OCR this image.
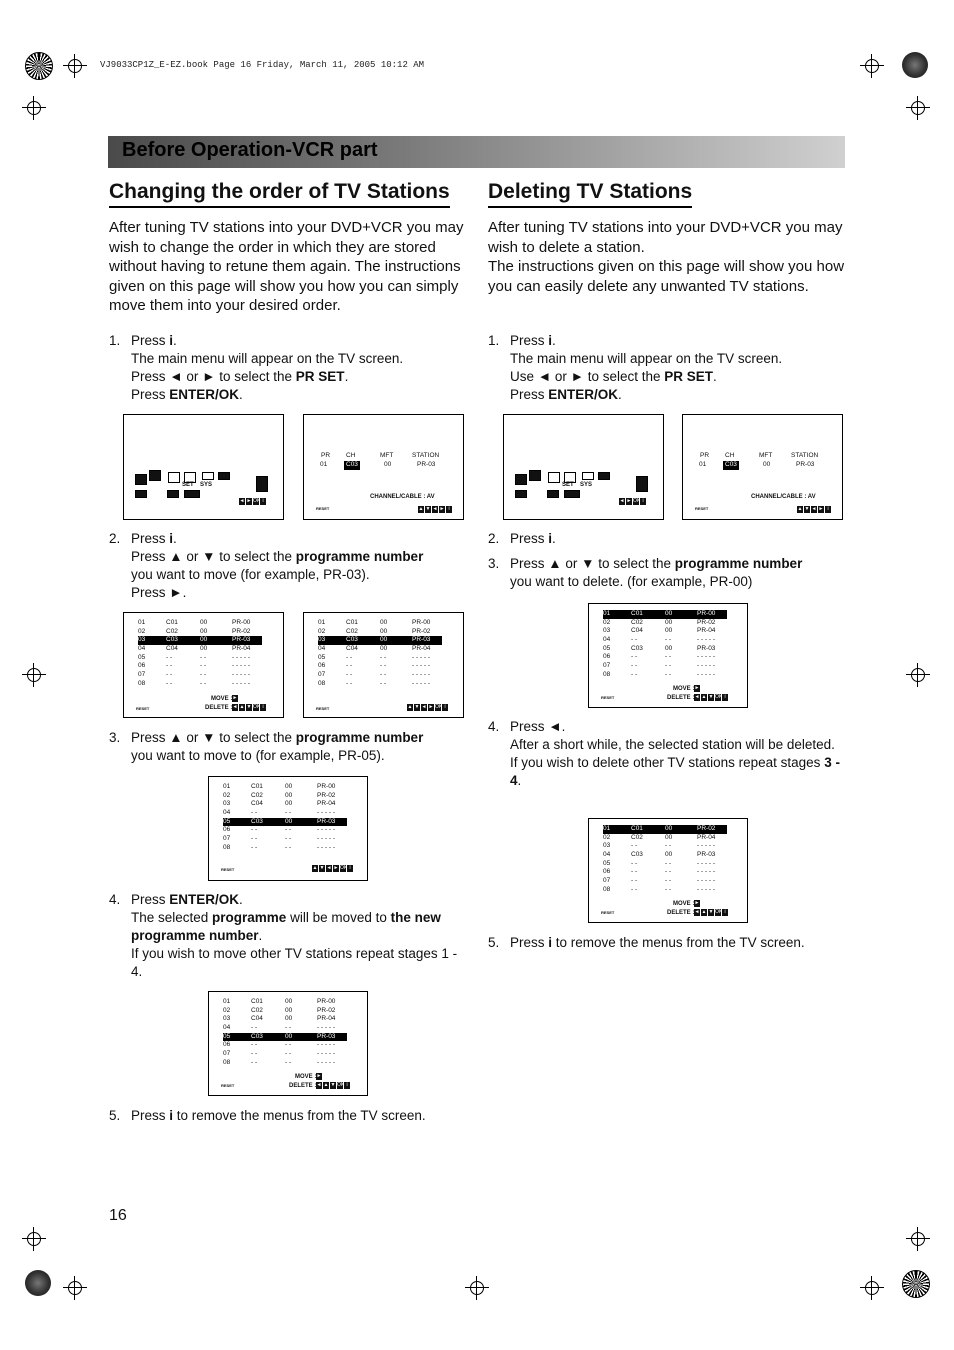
VJ9033CP1Z_E-EZ.book Page 16 Friday, March 11, 2005 10:12 AM
Before Operation-VCR part
Changing the order of TV Stations
After tuning TV stations into your DVD+VCR you may wish to change the order in which they are stored without having to retune them again. The instructions given on this page will show you how you can simply move them into your desired order.
1. Press i.
The main menu will appear on the TV screen.
Press ◄ or ► to select the PR SET.
Press ENTER/OK.
SET SYS
◄ ► OK i
PR CH	MFT	STATION
01	C03	00	PR-03
CHANNEL/CABLE : AV
RESET	▲ ▼ ◄ ► i
2. Press i.
Press ▲ or ▼ to select the programme number
you want to move (for example, PR-03).
Press ►.
01	C01	00	PR-00
02	C02	00	PR-02
03	C03	00	PR-03
04	C04	00	PR-04
05	- -	- -	- - - - -
06	- -	- -	- - - - -
07	- -	- -	- - - - -
08	- -	- -	- - - - -
MOVE :
DELETE :
►
◄ ▲ ▼ OK i
RESET
01	C01	00	PR-00
02	C02	00	PR-02
03	C03	00	PR-03
04	C04	00	PR-04
05	- -	- -	- - - - -
06	- -	- -	- - - - -
07	- -	- -	- - - - -
08	- -	- -	- - - - -
▲ ▼ ◄ ► OK i
RESET
3. Press ▲ or ▼ to select the programme number
you want to move to (for example, PR-05).
01	C01	00	PR-00
02	C02	00	PR-02
03	C04	00	PR-04
04	- -	- -	- - - - -
05	C03	00	PR-03
06	- -	- -	- - - - -
07	- -	- -	- - - - -
08	- -	- -	- - - - -
▲ ▼ ◄ ► OK i
RESET
4. Press ENTER/OK.
The selected programme will be moved to the new programme number.
If you wish to move other TV stations repeat stages 1 - 4.
01	C01	00	PR-00
02	C02	00	PR-02
03	C04	00	PR-04
04	- -	- -	- - - - -
05	C03	00	PR-03
06	- -	- -	- - - - -
07	- -	- -	- - - - -
08	- -	- -	- - - - -
MOVE :
DELETE :
►
◄ ▲ ▼ OK i
RESET
5. Press i to remove the menus from the TV screen.
Deleting TV Stations
After tuning TV stations into your DVD+VCR you may wish to delete a station.
The instructions given on this page will show you how you can easily delete any unwanted TV stations.
1. Press i.
The main menu will appear on the TV screen.
Use ◄ or ► to select the PR SET.
Press ENTER/OK.
SET SYS
◄ ► OK i
PR CH	MFT	STATION
01	C03	00	PR-03
CHANNEL/CABLE : AV
RESET	▲ ▼ ◄ ► i
2. Press i.
3. Press ▲ or ▼ to select the programme number
you want to delete. (for example, PR-00)
01	C01	00	PR-00
02	C02	00	PR-02
03	C04	00	PR-04
04	- -	- -	- - - - -
05	C03	00	PR-03
06	- -	- -	- - - - -
07	- -	- -	- - - - -
08	- -	- -	- - - - -
MOVE :
DELETE :
►
◄ ▲ ▼ OK i
RESET
4. Press ◄.
After a short while, the selected station will be deleted.
If you wish to delete other TV stations repeat stages 3 - 4.
01	C01	00	PR-02
02	C02	00	PR-04
03	- -	- -	- - - - -
04	C03	00	PR-03
05	- -	- -	- - - - -
06	- -	- -	- - - - -
07	- -	- -	- - - - -
08	- -	- -	- - - - -
MOVE :
DELETE :
►
◄ ▲ ▼ OK i
RESET
5. Press i to remove the menus from the TV screen.
16
